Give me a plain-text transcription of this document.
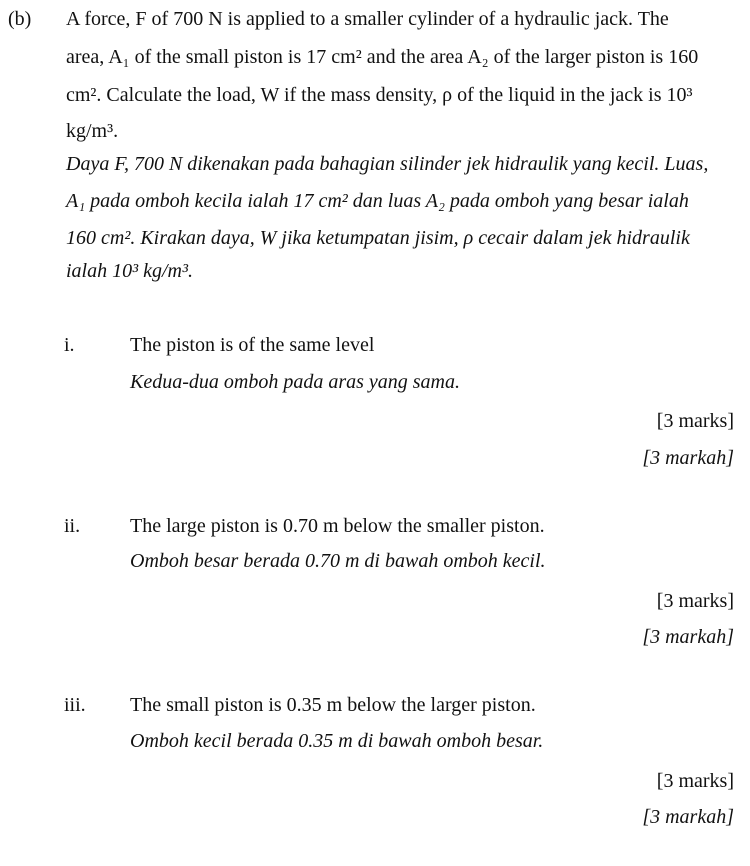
(b) A force, F of 700 N is applied to a smaller cylinder of a hydraulic jack. The
area, A₁ of the small piston is 17 cm² and the area A₂ of the larger piston is 160
cm². Calculate the load, W if the mass density, ρ of the liquid in the jack is 10³
kg/m³.
Daya F, 700 N dikenakan pada bahagian silinder jek hidraulik yang kecil. Luas,
A₁ pada omboh kecila ialah 17 cm² dan luas A₂ pada omboh yang besar ialah
160 cm². Kirakan daya, W jika ketumpatan jisim, ρ cecair dalam jek hidraulik
ialah 10³ kg/m³.
i.	The piston is of the same level
Kedua-dua omboh pada aras yang sama.
[3 marks]
[3 markah]
ii. The large piston is 0.70 m below the smaller piston.
Omboh besar berada 0.70 m di bawah omboh kecil.
[3 marks]
[3 markah]
iii. The small piston is 0.35 m below the larger piston.
Omboh kecil berada 0.35 m di bawah omboh besar.
[3 marks]
[3 markah]
